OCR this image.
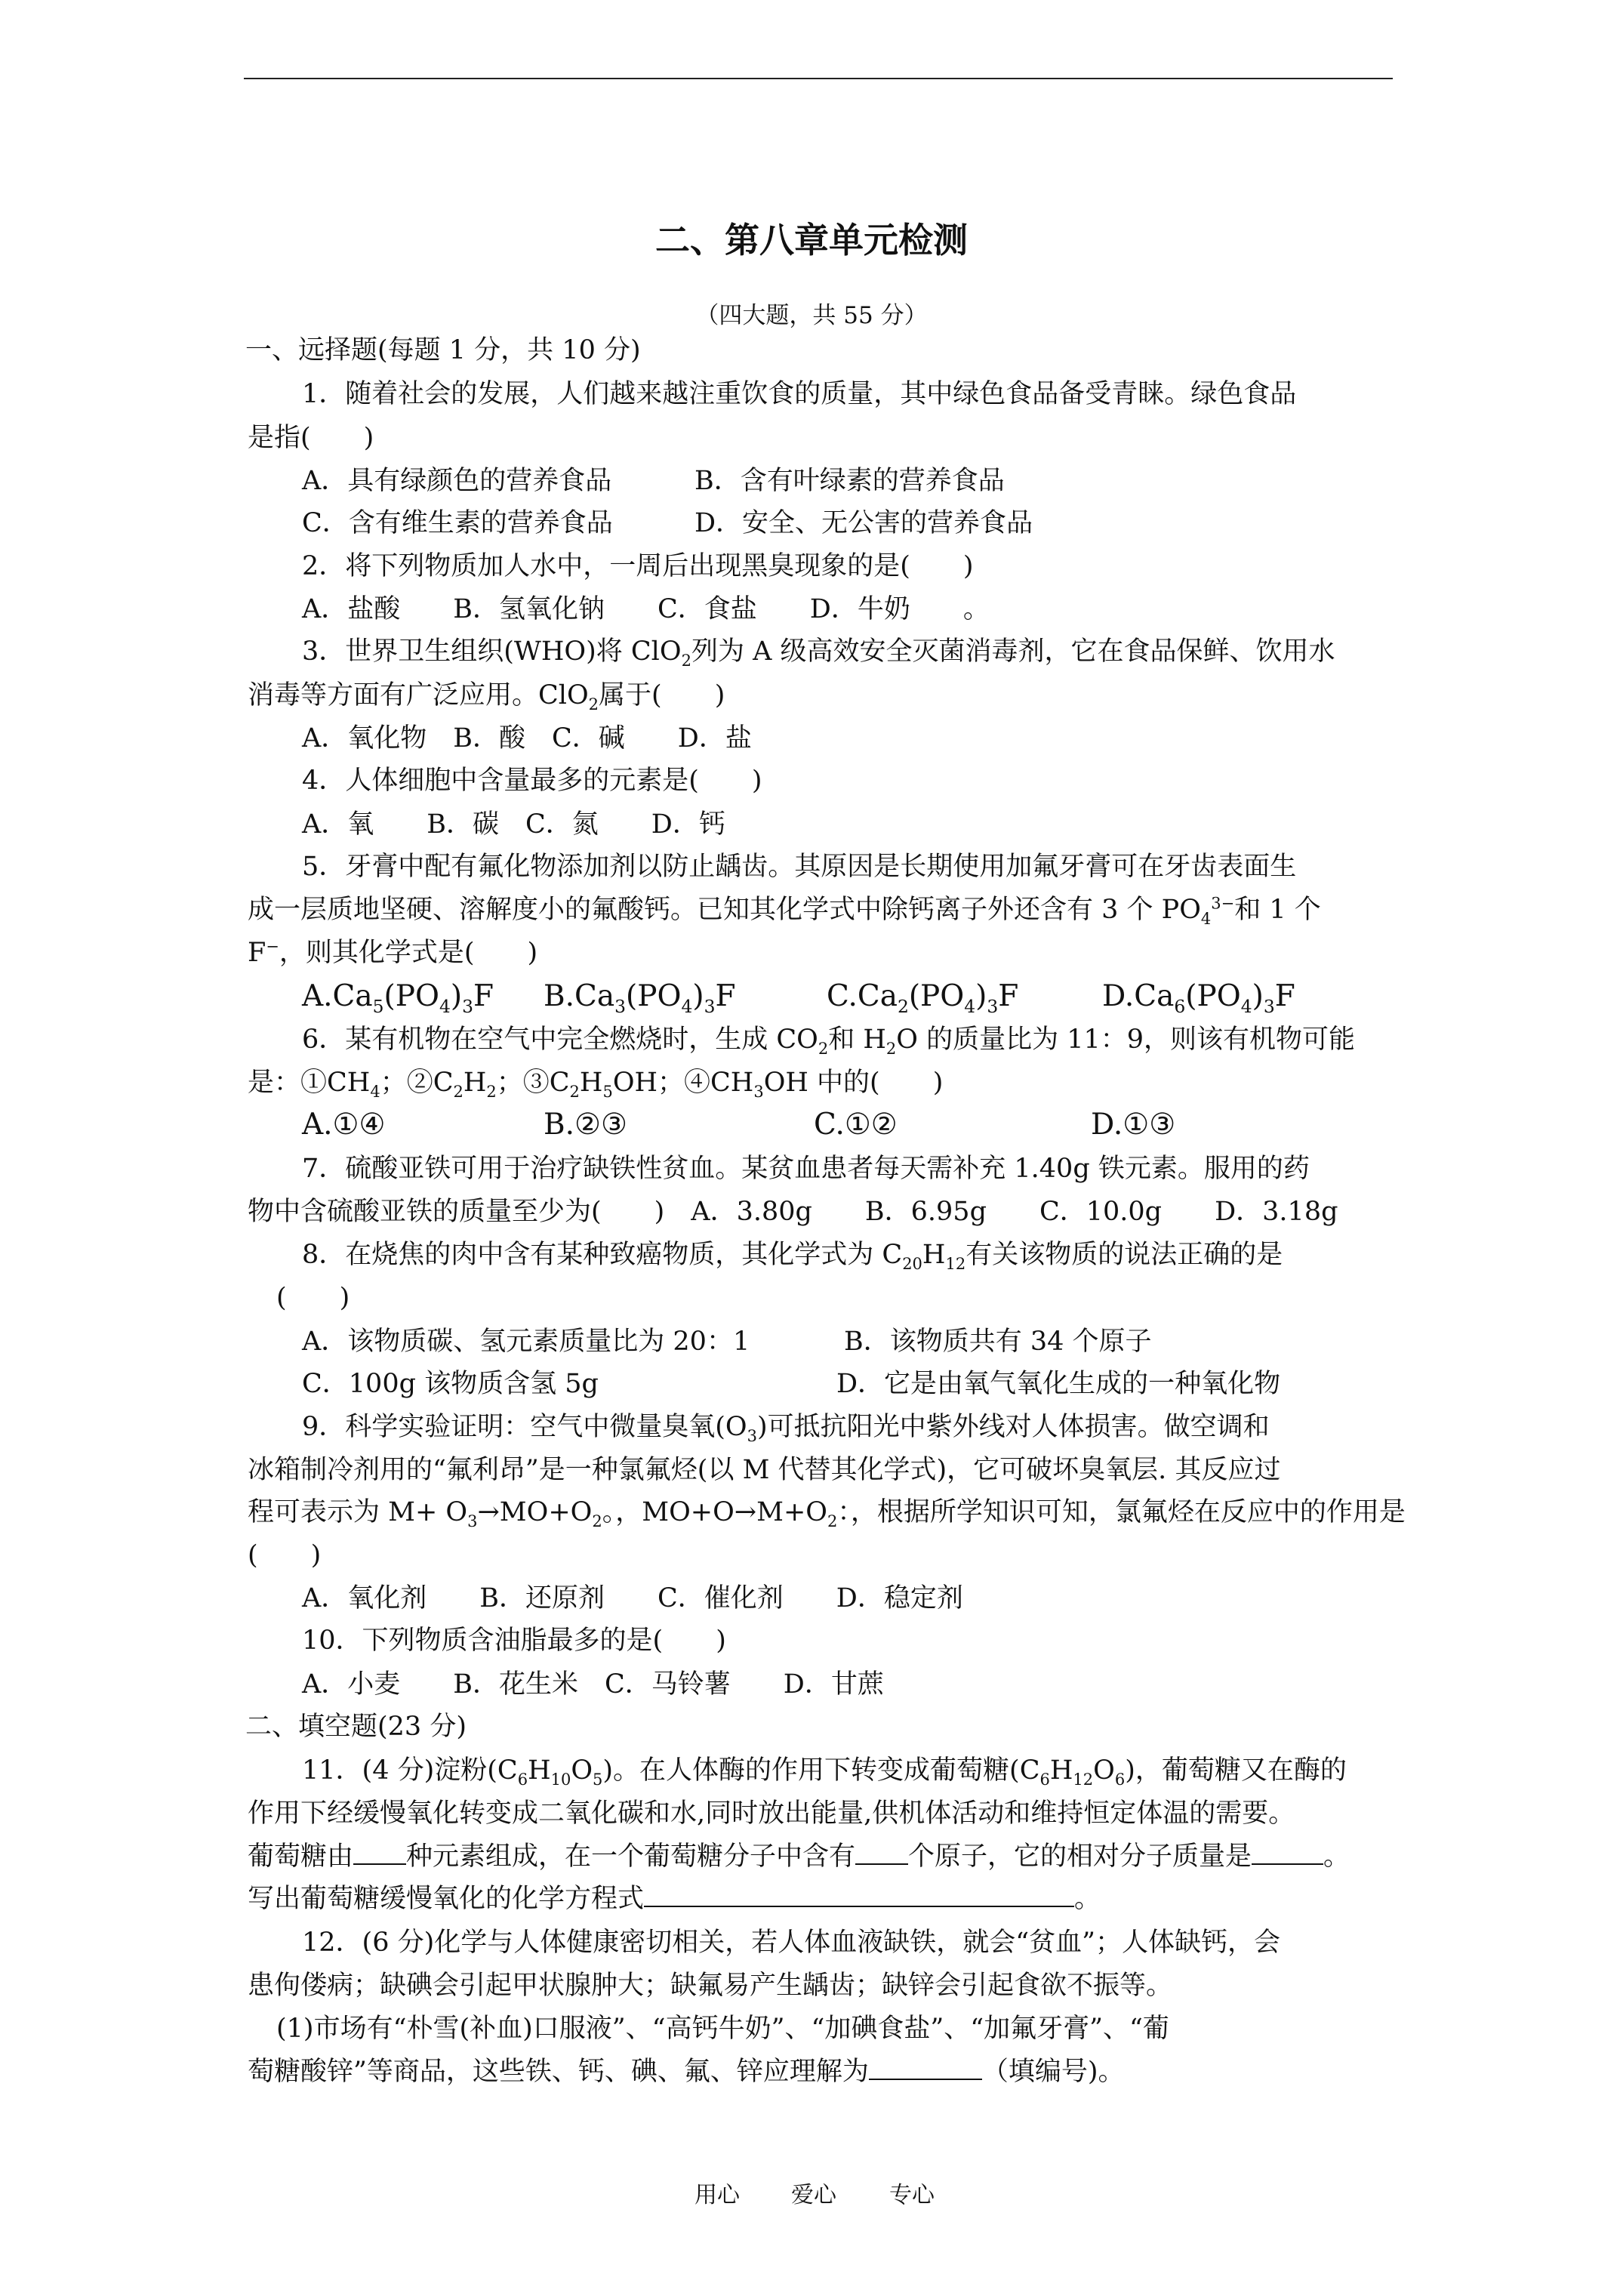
二、第八章单元检测
（四大题，共 55 分）
一、远择题(每题 1 分，共 10 分)
1．随着社会的发展，人们越来越注重饮食的质量，其中绿色食品备受青睐。绿色食品
是指(　　)
A．具有绿颜色的营养食品	B．含有叶绿素的营养食品
C．含有维生素的营养食品	D．安全、无公害的营养食品
2．将下列物质加人水中，一周后出现黑臭现象的是(　　)
A．盐酸　　B．氢氧化钠　　C．食盐　　D．牛奶　　。
3．世界卫生组织(WHO)将 ClO$_2$列为 A 级高效安全灭菌消毒剂，它在食品保鲜、饮用水
消毒等方面有广泛应用。ClO$_2$属于(　　)
A．氧化物　B．酸　C．碱　　D．盐
4．人体细胞中含量最多的元素是(　　)
A．氧　　B．碳　C．氮　　D．钙
5．牙膏中配有氟化物添加剂以防止龋齿。其原因是长期使用加氟牙膏可在牙齿表面生
成一层质地坚硬、溶解度小的氟酸钙。已知其化学式中除钙离子外还含有 3 个 $PO_4^{3-}$和 1 个
F−，则其化学式是(　　)
$A.Ca_5(PO_4)_3F$ $B.Ca_3(PO_4)_3F$	$C.Ca_2(PO_4)_3F$	$D.Ca_6(PO_4)_3F$
6．某有机物在空气中完全燃烧时，生成 $CO_2$和 $H_2O$ 的质量比为 11：9，则该有机物可能
是：$①CH_4$；$②C_2H_2$；$③C_2H_5OH$；$④CH_3OH$ 中的(　　)
A.①④	B.②③	C.①②	D.①③
7．硫酸亚铁可用于治疗缺铁性贫血。某贫血患者每天需补充 1.40g 铁元素。服用的药
物中含硫酸亚铁的质量至少为(　　)　A．3.80g　　B．6.95g　　C．10.0g　　D．3.18g
8．在烧焦的肉中含有某种致癌物质，其化学式为 $C_{20}H_{12}$有关该物质的说法正确的是
(　　)
A．该物质碳、氢元素质量比为 20：1	B．该物质共有 34 个原子
C．100g 该物质含氢 5g	D．它是由氧气氧化生成的一种氧化物
9．科学实验证明：空气中微量臭氧$(O_3)$可抵抗阳光中紫外线对人体损害。做空调和
冰箱制冷剂用的“氟利昂”是一种氯氟烃(以 M 代替其化学式)，它可破坏臭氧层. 其反应过
程可表示为 $M+ O_3\to MO+O_2$。，$MO+O\to M+O_2$：，根据所学知识可知，氯氟烃在反应中的作用是
(　　)
A．氧化剂　　B．还原剂　　C．催化剂　　D．稳定剂
10．下列物质含油脂最多的是(　　)
A．小麦　　B．花生米　C．马铃薯　　D．甘蔗
二、填空题(23 分)
11．(4 分)淀粉$(C_6H_{10}O_5)$。在人体酶的作用下转变成葡萄糖$(C_6H_{12}O_6)$，葡萄糖又在酶的
作用下经缓慢氧化转变成二氧化碳和水,同时放出能量,供机体活动和维持恒定体温的需要。
葡萄糖由 种元素组成，在一个葡萄糖分子中含有 个原子，它的相对分子质量是	。
写出葡萄糖缓慢氧化的化学方程式	。
12．(6 分)化学与人体健康密切相关，若人体血液缺铁，就会“贫血”；人体缺钙，会
患佝偻病；缺碘会引起甲状腺肿大；缺氟易产生龋齿；缺锌会引起食欲不振等。
(1)市场有“朴雪(补血)口服液”、“高钙牛奶”、“加碘食盐”、“加氟牙膏”、“葡
萄糖酸锌”等商品，这些铁、钙、碘、氟、锌应理解为	（填编号)。
用心 爱心 专心
